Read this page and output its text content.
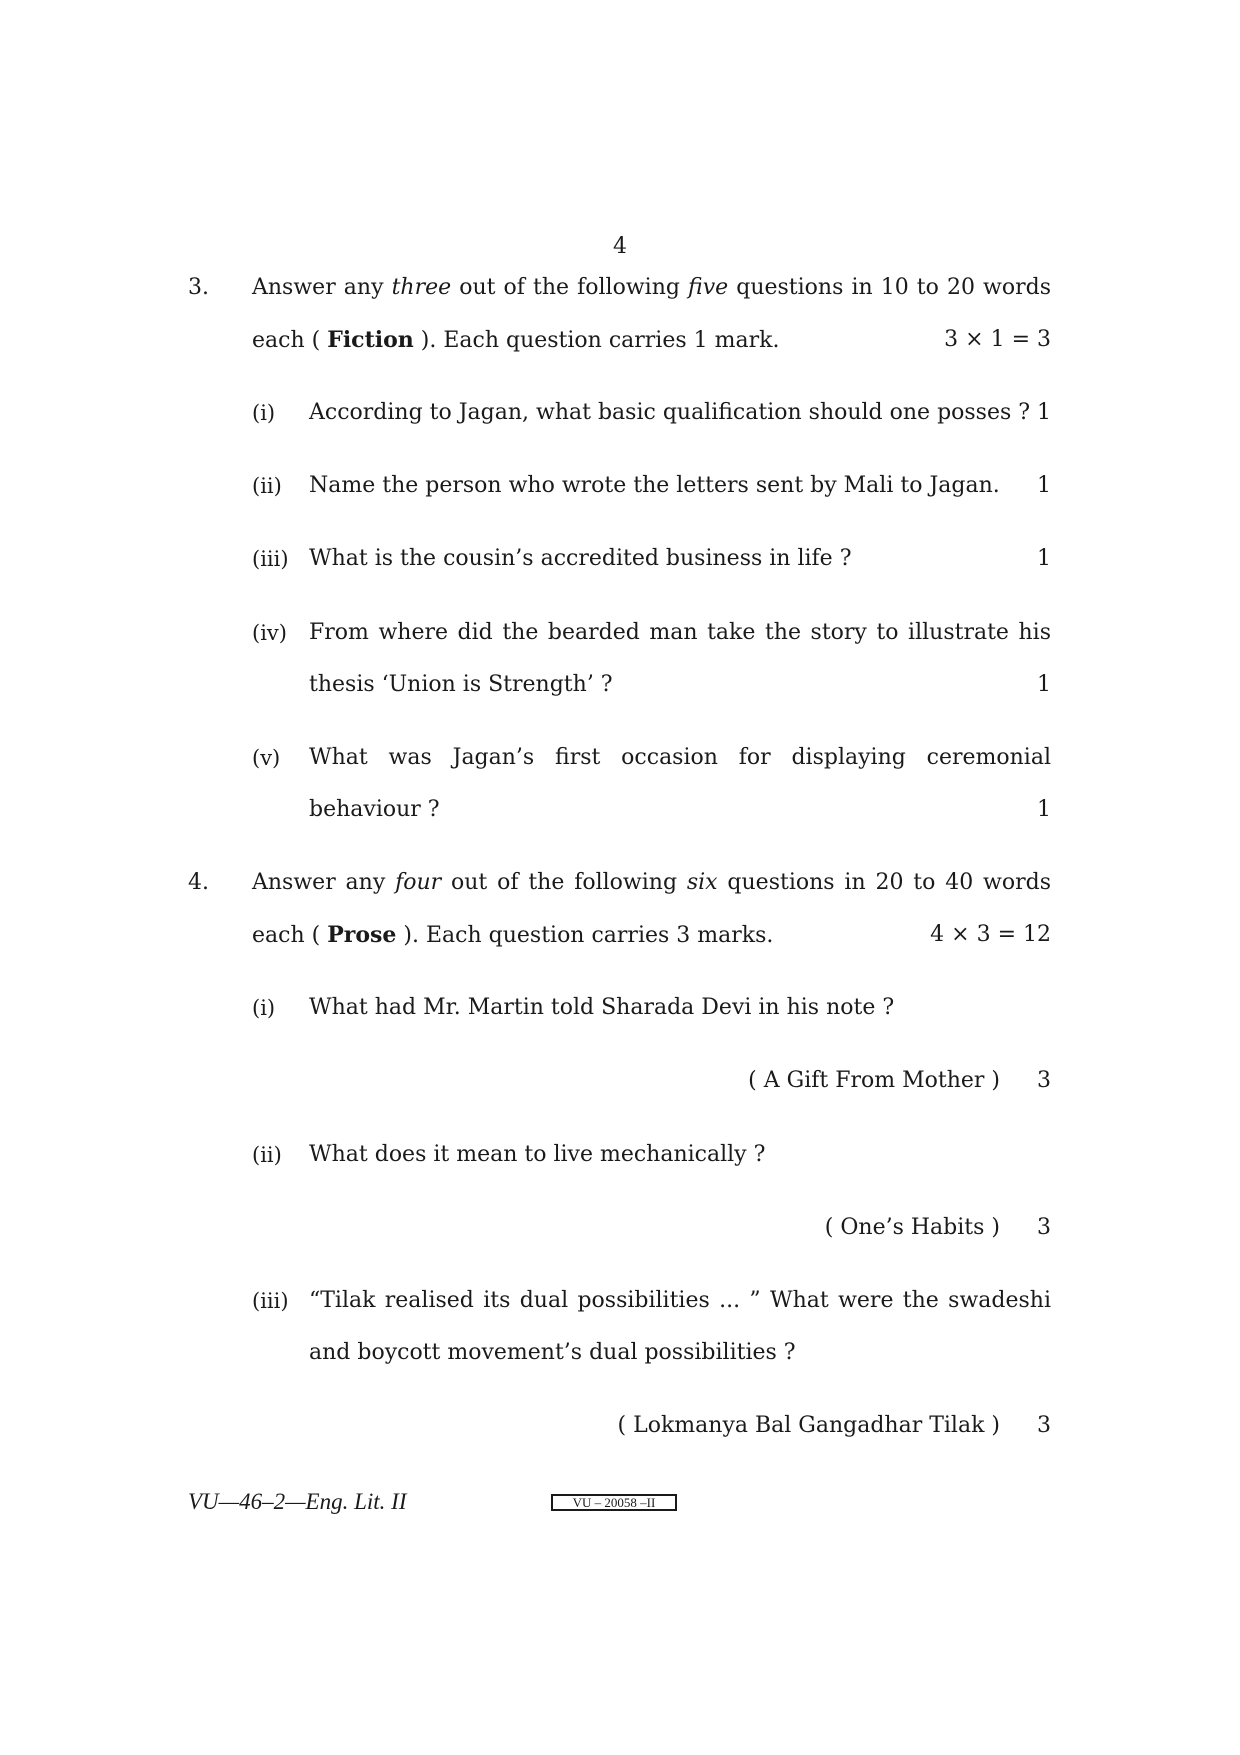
4
3. Answer any three out of the following five questions in 10 to 20 words
each ( Fiction ). Each question carries 1 mark.	3 × 1 = 3
(i) According to Jagan, what basic qualification should one posses ? 1
(ii) Name the person who wrote the letters sent by Mali to Jagan.	1
(iii) What is the cousin’s accredited business in life ?	1
(iv) From where did the bearded man take the story to illustrate his
thesis ‘Union is Strength’ ?	1
(v) What was Jagan’s first occasion for displaying ceremonial
behaviour ?	1
4. Answer any four out of the following six questions in 20 to 40 words
each ( Prose ). Each question carries 3 marks.	4 × 3 = 12
(i) What had Mr. Martin told Sharada Devi in his note ?
( A Gift From Mother )	3
(ii) What does it mean to live mechanically ?
( One’s Habits )	3
(iii) “Tilak realised its dual possibilities ... ” What were the swadeshi
and boycott movement’s dual possibilities ?
( Lokmanya Bal Gangadhar Tilak )	3
VU—46–2—Eng. Lit. II	VU – 20058 –II
